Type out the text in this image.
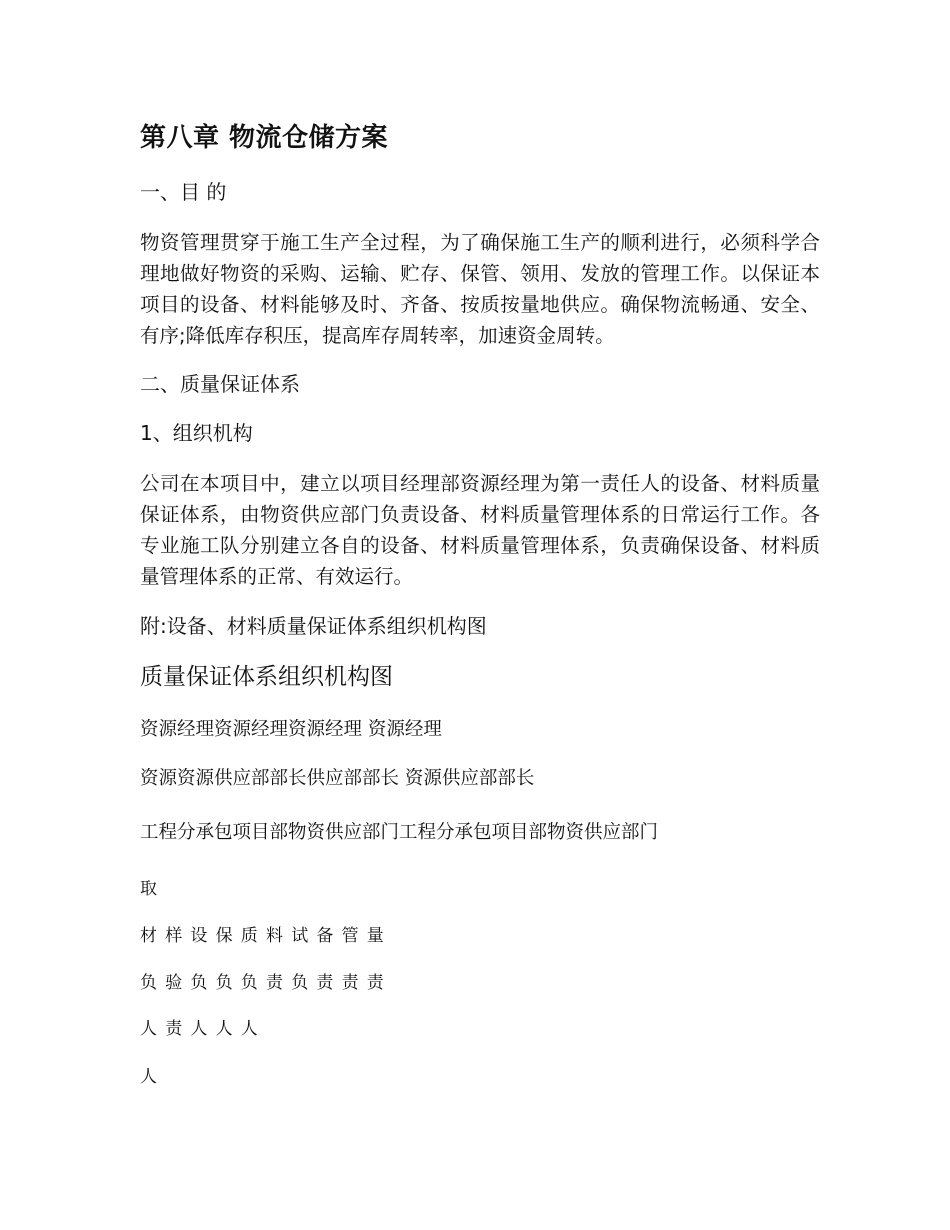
第八章 物流仓储方案
一、目 的

物资管理贯穿于施工生产全过程，为了确保施工生产的顺利进行，必须科学合理地做好物资的采购、运输、贮存、保管、领用、发放的管理工作。以保证本项目的设备、材料能够及时、齐备、按质按量地供应。确保物流畅通、安全、有序;降低库存积压，提高库存周转率，加速资金周转。

二、质量保证体系
1、组织机构

公司在本项目中，建立以项目经理部资源经理为第一责任人的设备、材料质量保证体系，由物资供应部门负责设备、材料质量管理体系的日常运行工作。各专业施工队分别建立各自的设备、材料质量管理体系，负责确保设备、材料质量管理体系的正常、有效运行。

附:设备、材料质量保证体系组织机构图
质量保证体系组织机构图
资源经理资源经理资源经理 资源经理
资源资源供应部部长供应部部长 资源供应部部长
工程分承包项目部物资供应部门工程分承包项目部物资供应部门
取
材样设保质料试备管量
负验负负负责负责责责
人责人人人
人
